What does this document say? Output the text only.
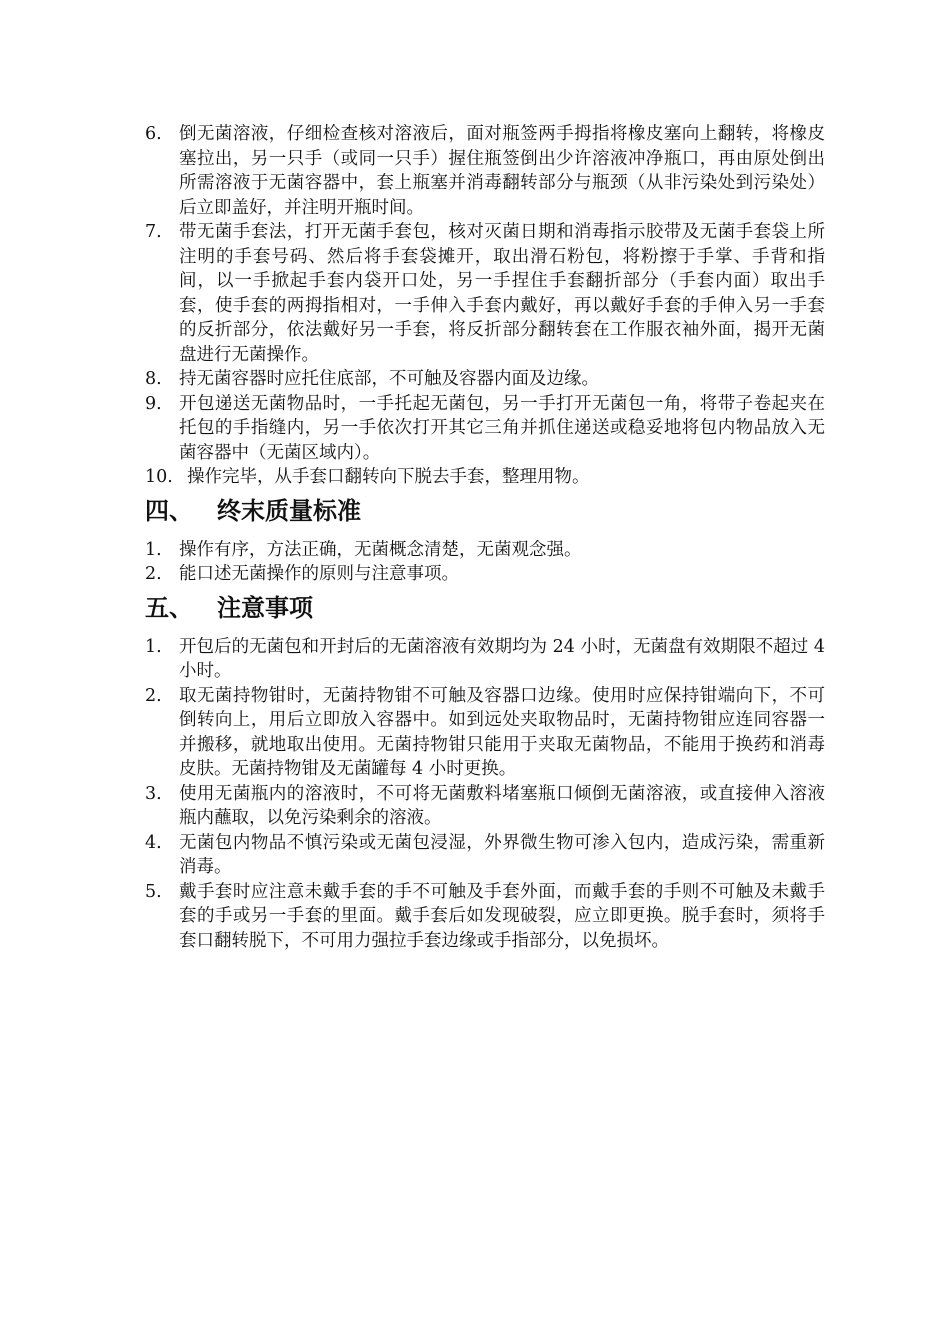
6. 倒无菌溶液，仔细检查核对溶液后，面对瓶签两手拇指将橡皮塞向上翻转，将橡皮塞拉出，另一只手（或同一只手）握住瓶签倒出少许溶液冲净瓶口，再由原处倒出所需溶液于无菌容器中，套上瓶塞并消毒翻转部分与瓶颈（从非污染处到污染处）后立即盖好，并注明开瓶时间。
7. 带无菌手套法，打开无菌手套包，核对灭菌日期和消毒指示胶带及无菌手套袋上所注明的手套号码、然后将手套袋摊开，取出滑石粉包，将粉擦于手掌、手背和指间，以一手掀起手套内袋开口处，另一手捏住手套翻折部分（手套内面）取出手套，使手套的两拇指相对，一手伸入手套内戴好，再以戴好手套的手伸入另一手套的反折部分，依法戴好另一手套，将反折部分翻转套在工作服衣袖外面，揭开无菌盘进行无菌操作。
8. 持无菌容器时应托住底部，不可触及容器内面及边缘。
9. 开包递送无菌物品时，一手托起无菌包，另一手打开无菌包一角，将带子卷起夹在托包的手指缝内，另一手依次打开其它三角并抓住递送或稳妥地将包内物品放入无菌容器中（无菌区域内）。
10. 操作完毕，从手套口翻转向下脱去手套，整理用物。
四、	终末质量标准
1. 操作有序，方法正确，无菌概念清楚，无菌观念强。
2. 能口述无菌操作的原则与注意事项。
五、	注意事项
1. 开包后的无菌包和开封后的无菌溶液有效期均为 24 小时，无菌盘有效期限不超过 4 小时。
2. 取无菌持物钳时，无菌持物钳不可触及容器口边缘。使用时应保持钳端向下，不可倒转向上，用后立即放入容器中。如到远处夹取物品时，无菌持物钳应连同容器一并搬移，就地取出使用。无菌持物钳只能用于夹取无菌物品，不能用于换药和消毒皮肤。无菌持物钳及无菌罐每 4 小时更换。
3. 使用无菌瓶内的溶液时，不可将无菌敷料堵塞瓶口倾倒无菌溶液，或直接伸入溶液瓶内蘸取，以免污染剩余的溶液。
4. 无菌包内物品不慎污染或无菌包浸湿，外界微生物可渗入包内，造成污染，需重新消毒。
5. 戴手套时应注意未戴手套的手不可触及手套外面，而戴手套的手则不可触及未戴手套的手或另一手套的里面。戴手套后如发现破裂，应立即更换。脱手套时，须将手套口翻转脱下，不可用力强拉手套边缘或手指部分，以免损坏。
